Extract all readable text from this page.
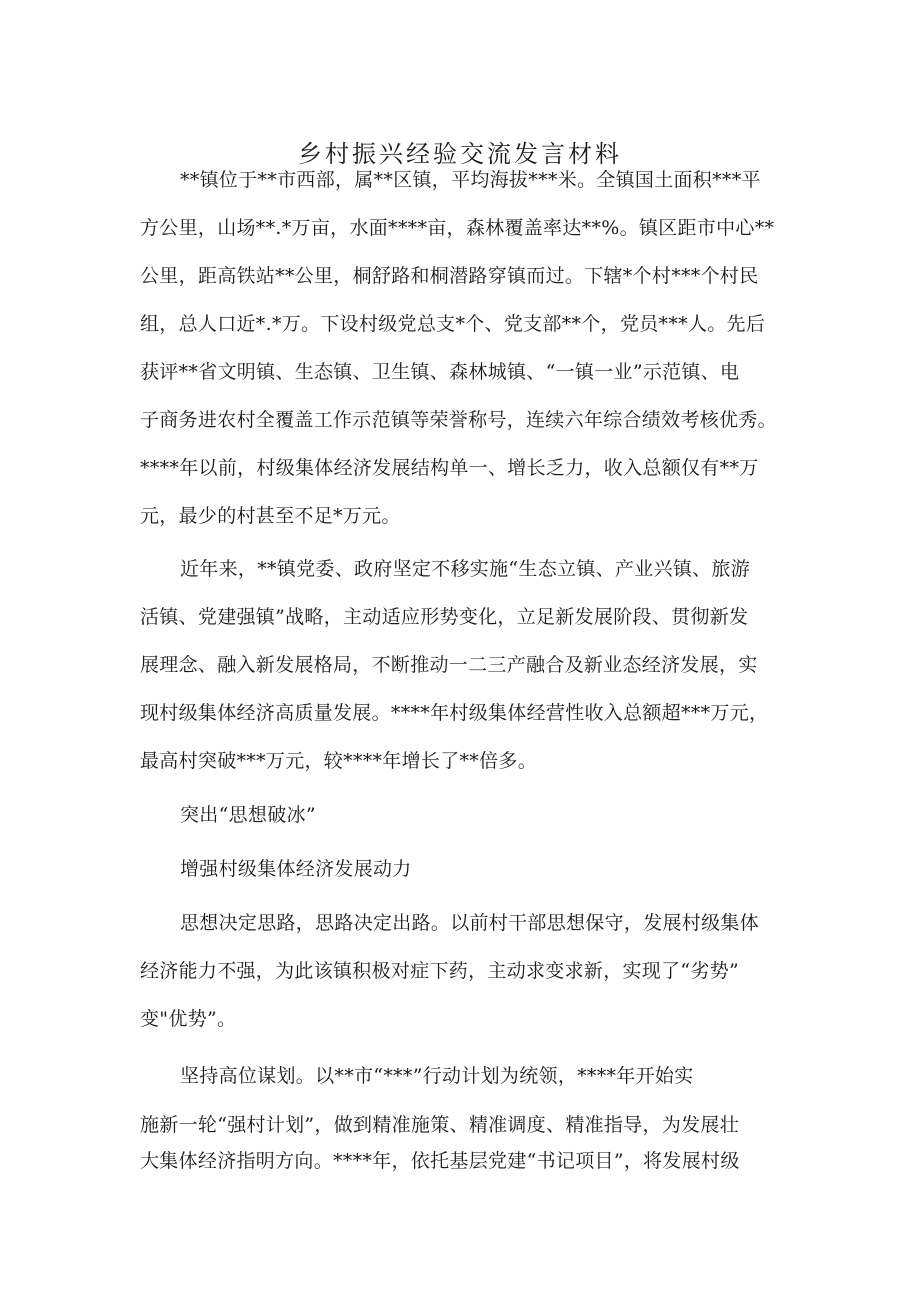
乡村振兴经验交流发言材料
**镇位于**市西部，属**区镇，平均海拔***米。全镇国土面积***平
方公里，山场**.*万亩，水面****亩，森林覆盖率达**%。镇区距市中心**
公里，距高铁站**公里，桐舒路和桐潜路穿镇而过。下辖*个村***个村民
组，总人口近*.*万。下设村级党总支*个、党支部**个，党员***人。先后
获评**省文明镇、生态镇、卫生镇、森林城镇、“一镇一业”示范镇、电
子商务进农村全覆盖工作示范镇等荣誉称号，连续六年综合绩效考核优秀。
****年以前，村级集体经济发展结构单一、增长乏力，收入总额仅有**万
元，最少的村甚至不足*万元。
近年来，**镇党委、政府坚定不移实施“生态立镇、产业兴镇、旅游
活镇、党建强镇”战略，主动适应形势变化，立足新发展阶段、贯彻新发
展理念、融入新发展格局，不断推动一二三产融合及新业态经济发展，实
现村级集体经济高质量发展。****年村级集体经营性收入总额超***万元，
最高村突破***万元，较****年增长了**倍多。
突出“思想破冰”
增强村级集体经济发展动力
思想决定思路，思路决定出路。以前村干部思想保守，发展村级集体
经济能力不强，为此该镇积极对症下药，主动求变求新，实现了“劣势”
变"优势”。
坚持高位谋划。以**市“***”行动计划为统领，****年开始实
施新一轮“强村计划”，做到精准施策、精准调度、精准指导，为发展壮
大集体经济指明方向。****年，依托基层党建“书记项目”，将发展村级
